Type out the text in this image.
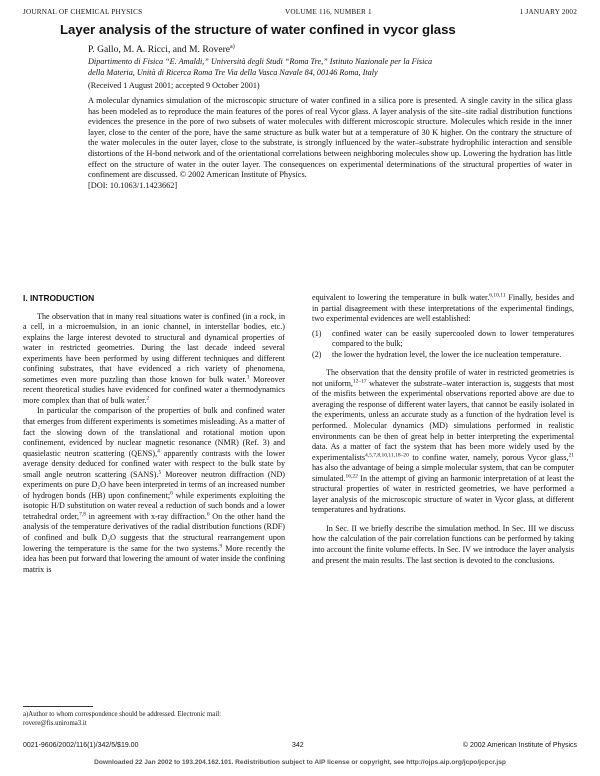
JOURNAL OF CHEMICAL PHYSICS	VOLUME 116, NUMBER 1	1 JANUARY 2002
Layer analysis of the structure of water confined in vycor glass
P. Gallo, M. A. Ricci, and M. Rovere$^{a)}$
Dipartimento di Fisica “E. Amaldi,” Università degli Studi “Roma Tre,” Istituto Nazionale per la Fisica
della Materia, Unità di Ricerca Roma Tre Via della Vasca Navale 84, 00146 Roma, Italy
(Received 1 August 2001; accepted 9 October 2001)
A molecular dynamics simulation of the microscopic structure of water confined in a silica pore is presented. A single cavity in the silica glass has been modeled as to reproduce the main features of the pores of real Vycor glass. A layer analysis of the site–site radial distribution functions evidences the presence in the pore of two subsets of water molecules with different microscopic structure. Molecules which reside in the inner layer, close to the center of the pore, have the same structure as bulk water but at a temperature of 30 K higher. On the contrary the structure of the water molecules in the outer layer, close to the substrate, is strongly influenced by the water–substrate hydrophilic interaction and sensible distortions of the H-bond network and of the orientational correlations between neighboring molecules show up. Lowering the hydration has little effect on the structure of water in the outer layer. The consequences on experimental determinations of the structural properties of water in confinement are discussed. © 2002 American Institute of Physics.
[DOI: 10.1063/1.1423662]
I. INTRODUCTION

The observation that in many real situations water is confined (in a rock, in a cell, in a microemulsion, in an ionic channel, in interstellar bodies, etc.) explains the large interest devoted to structural and dynamical properties of water in restricted geometries. During the last decade indeed several experiments have been performed by using different techniques and different confining substrates, that have evidenced a rich variety of phenomena, sometimes even more puzzling than those known for bulk water.$^1$ Moreover recent theoretical studies have evidenced for confined water a thermodynamics more complex than that of bulk water.$^2$

In particular the comparison of the properties of bulk and confined water that emerges from different experiments is sometimes misleading. As a matter of fact the slowing down of the translational and rotational motion upon confinement, evidenced by nuclear magnetic resonance (NMR) (Ref. 3) and quasielastic neutron scattering (QENS),$^4$ apparently contrasts with the lower average density deduced for confined water with respect to the bulk state by small angle neutron scattering (SANS).$^5$ Moreover neutron diffraction (ND) experiments on pure D₂O have been interpreted in terms of an increased number of hydrogen bonds (HB) upon confinement;$^6$ while experiments exploiting the isotopic H/D substitution on water reveal a reduction of such bonds and a lower tetrahedral order,$^{7,8}$ in agreement with x-ray diffraction.$^6$ On the other hand the analysis of the temperature derivatives of the radial distribution functions (RDF) of confined and bulk D₂O suggests that the structural rearrangement upon lowering the temperature is the same for the two systems.$^9$ More recently the idea has been put forward that lowering the amount of water inside the confining matrix is

equivalent to lowering the temperature in bulk water.$^{6,10,11}$ Finally, besides and in partial disagreement with these interpretations of the experimental findings, two experimental evidences are well established:

(1)	confined water can be easily supercooled down to lower temperatures compared to the bulk;
(2)	the lower the hydration level, the lower the ice nucleation temperature.

The observation that the density profile of water in restricted geometries is not uniform,$^{12-17}$ whatever the substrate–water interaction is, suggests that most of the misfits between the experimental observations reported above are due to averaging the response of different water layers, that cannot be easily isolated in the experiments, unless an accurate study as a function of the hydration level is performed. Molecular dynamics (MD) simulations performed in realistic environments can be then of great help in better interpreting the experimental data. As a matter of fact the system that has been more widely used by the experimentalists$^{4,5,7,8,10,11,18-20}$ to confine water, namely, porous Vycor glass,$^{21}$ has also the advantage of being a simple molecular system, that can be computer simulated.$^{16,22}$ In the attempt of giving an harmonic interpretation of at least the structural properties of water in restricted geometries, we have performed a layer analysis of the microscopic structure of water in Vycor glass, at different temperatures and hydrations.

In Sec. II we briefly describe the simulation method. In Sec. III we discuss how the calculation of the pair correlation functions can be performed by taking into account the finite volume effects. In Sec. IV we introduce the layer analysis and present the main results. The last section is devoted to the conclusions.

a)Author to whom correspondence should be addressed. Electronic mail: rovere@fis.uniroma3.it
0021-9606/2002/116(1)/342/5/$19.00	342	© 2002 American Institute of Physics
Downloaded 22 Jan 2002 to 193.204.162.101. Redistribution subject to AIP license or copyright, see http://ojps.aip.org/jcpo/jcpcr.jsp
